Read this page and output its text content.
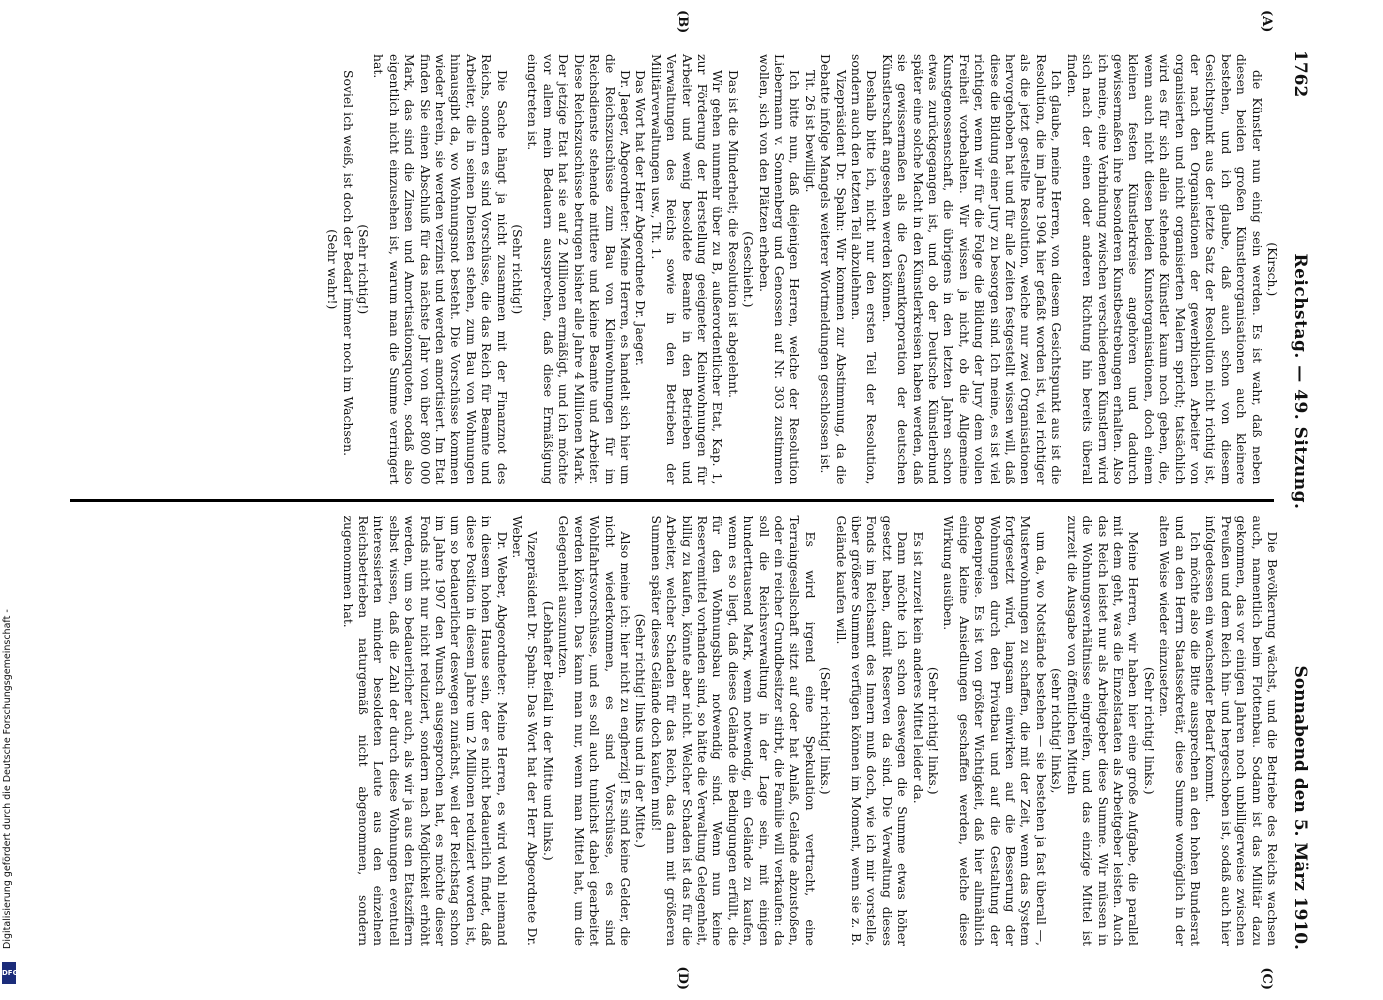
1762
Reichstag. — 49. Sitzung.
Sonnabend den 5. März 1910.
(A)
(B)
(C)
(D)

(Kirsch.)

die Künstler nun einig sein werden. Es ist wahr, daß neben diesen beiden großen Künstlerorganisationen auch kleinere bestehen, und ich glaube, daß auch schon von diesem Gesichtspunkt aus der letzte Satz der Resolution nicht richtig ist, der nach den Organisationen der gewerblichen Arbeiter von organisierten und nicht organisierten Malern spricht; tatsächlich wird es für sich allein stehende Künstler kaum noch geben, die, wenn auch nicht diesen beiden Kunstorganisationen, doch einem kleinen festen Künstlerkreise angehören und dadurch gewissermaßen ihre besonderen Kunstbestrebungen erhalten. Also ich meine, eine Verbindung zwischen verschiedenen Künstlern wird sich nach der einen oder anderen Richtung hin bereits überall finden.

Ich glaube, meine Herren, von diesem Gesichtspunkt aus ist die Resolution, die im Jahre 1904 hier gefaßt worden ist, viel richtiger als die jetzt gestellte Resolution, welche nur zwei Organisationen hervorgehoben hat und für alle Zeiten festgestellt wissen will, daß diese die Bildung einer Jury zu besorgen sind. Ich meine, es ist viel richtiger, wenn wir für die Folge die Bildung der Jury dem vollen Freiheit vorbehalten. Wir wissen ja nicht, ob die Allgemeine Kunstgenossenschaft, die übrigens in den letzten Jahren schon etwas zurückgegangen ist, und ob der Deutsche Künstlerbund später eine solche Macht in den Künstlerkreisen haben werden, daß sie gewissermaßen als die Gesamtkorporation der deutschen Künstlerschaft angesehen werden können.

Deshalb bitte ich, nicht nur den ersten Teil der Resolution, sondern auch den letzten Teil abzulehnen.

Vizepräsident Dr. Spahn: Wir kommen zur Abstimmung, da die Debatte infolge Mangels weiterer Wortmeldungen geschlossen ist.

Tit. 26 ist bewilligt.

Ich bitte nun, daß diejenigen Herren, welche der Resolution Liebermann v. Sonnenberg und Genossen auf Nr. 303 zustimmen wollen, sich von den Plätzen erheben.

(Geschieht.)

Das ist die Minderheit; die Resolution ist abgelehnt.

Wir gehen nunmehr über zu B, außerordentlicher Etat, Kap. 1, zur Förderung der Herstellung geeigneter Kleinwohnungen für Arbeiter und wenig besoldete Beamte in den Betrieben und Verwaltungen des Reichs sowie in den Betrieben der Militärverwaltungen usw., Tit. 1.

Das Wort hat der Herr Abgeordnete Dr. Jaeger.

Dr. Jaeger, Abgeordneter: Meine Herren, es handelt sich hier um die Reichszuschüsse zum Bau von Kleinwohnungen für im Reichsdienste stehende mittlere und kleine Beamte und Arbeiter. Diese Reichszuschüsse betrugen bisher alle Jahre 4 Millionen Mark. Der jetzige Etat hat sie auf 2 Millionen ermäßigt, und ich möchte vor allem mein Bedauern aussprechen, daß diese Ermäßigung eingetreten ist.

(Sehr richtig!)

Die Sache hängt ja nicht zusammen mit der Finanznot des Reichs, sondern es sind Vorschüsse, die das Reich für Beamte und Arbeiter, die in seinen Diensten stehen, zum Bau von Wohnungen hinausgibt da, wo Wohnungsnot besteht. Die Vorschüsse kommen wieder herein, sie werden verzinst und werden amortisiert. Im Etat finden Sie einen Abschluß für das nächste Jahr von über 800 000 Mark, das sind die Zinsen und Amortisationsquoten, sodaß also eigentlich nicht einzusehen ist, warum man die Summe verringert hat.

(Sehr richtig!)

Soviel ich weiß, ist doch der Bedarf immer noch im Wachsen.

(Sehr wahr!)

Die Bevölkerung wächst, und die Betriebe des Reichs wachsen auch, namentlich beim Flottenbau. Sodann ist das Militär dazu gekommen, das vor einigen Jahren noch unbilligerweise zwischen Preußen und dem Reich hin- und hergeschoben ist, sodaß auch hier infolgedessen ein wachsender Bedarf kommt.

Ich möchte also die Bitte aussprechen an den hohen Bundesrat und an den Herrn Staatssekretär, diese Summe womöglich in der alten Weise wieder einzusetzen.

(Sehr richtig! links.)

Meine Herren, wir haben hier eine große Aufgabe, die parallel mit dem geht, was die Einzelstaaten als Arbeitgeber leisten. Auch das Reich leistet nur als Arbeitgeber diese Summe. Wir müssen in die Wohnungsverhältnisse eingreifen, und das einzige Mittel ist zurzeit die Ausgabe von öffentlichen Mitteln

(sehr richtig! links),

um da, wo Notstände bestehen — sie bestehen ja fast überall —, Musterwohnungen zu schaffen, die mit der Zeit, wenn das System fortgesetzt wird, langsam einwirken auf die Besserung der Wohnungen durch den Privatbau und auf die Gestaltung der Bodenpreise. Es ist von größter Wichtigkeit, daß hier allmählich einige kleine Ansiedlungen geschaffen werden, welche diese Wirkung ausüben.

(Sehr richtig! links.)

Es ist zurzeit kein anderes Mittel leider da.

Dann möchte ich schon deswegen die Summe etwas höher gesetzt haben, damit Reserven da sind. Die Verwaltung dieses Fonds im Reichsamt des Innern muß doch, wie ich mir vorstelle, über größere Summen verfügen können im Moment, wenn sie z. B. Gelände kaufen will.

(Sehr richtig! links.)

Es wird irgend eine Spekulation vertracht, eine Terraingesellschaft sitzt auf oder hat Anlaß, Gelände abzustoßen, oder ein reicher Grundbesitzer stirbt, die Familie will verkaufen: da soll die Reichsverwaltung in der Lage sein, mit einigen hunderttausend Mark, wenn notwendig, ein Gelände zu kaufen, wenn es so liegt, daß dieses Gelände die Bedingungen erfüllt, die für den Wohnungsbau notwendig sind. Wenn nun keine Reservemittel vorhanden sind, so hätte die Verwaltung Gelegenheit, billig zu kaufen, könnte aber nicht. Welcher Schaden ist das für die Arbeiter, welcher Schaden für das Reich, das dann mit größeren Summen später dieses Gelände doch kaufen muß!

(Sehr richtig! links und in der Mitte.)

Also meine ich: hier nicht zu engherzig! Es sind keine Gelder, die nicht wiederkommen, es sind Vorschüsse, es sind Wohlfahrtsvorschüsse, und es soll auch tunlichst dabei gearbeitet werden können. Das kann man nur, wenn man Mittel hat, um die Gelegenheit auszunutzen.

(Lebhafter Beifall in der Mitte und links.)

Vizepräsident Dr. Spahn: Das Wort hat der Herr Abgeordnete Dr. Weber.

Dr. Weber, Abgeordneter: Meine Herren, es wird wohl niemand in diesem hohen Hause sein, der es nicht bedauerlich findet, daß diese Position in diesem Jahre um 2 Millionen reduziert worden ist, um so bedauerlicher deswegen zunächst, weil der Reichstag schon im Jahre 1907 den Wunsch ausgesprochen hat, es möchte dieser Fonds nicht nur nicht reduziert, sondern nach Möglichkeit erhöht werden, um so bedauerlicher auch, als wir ja aus den Etatsziffern selbst wissen, daß die Zahl der durch diese Wohnungen eventuell interessierten minder besoldeten Leute aus den einzelnen Reichsbetrieben naturgemäß nicht abgenommen, sondern zugenommen hat.

Digitalisierung gefördert durch die Deutsche Forschungsgemeinschaft -
DFG
